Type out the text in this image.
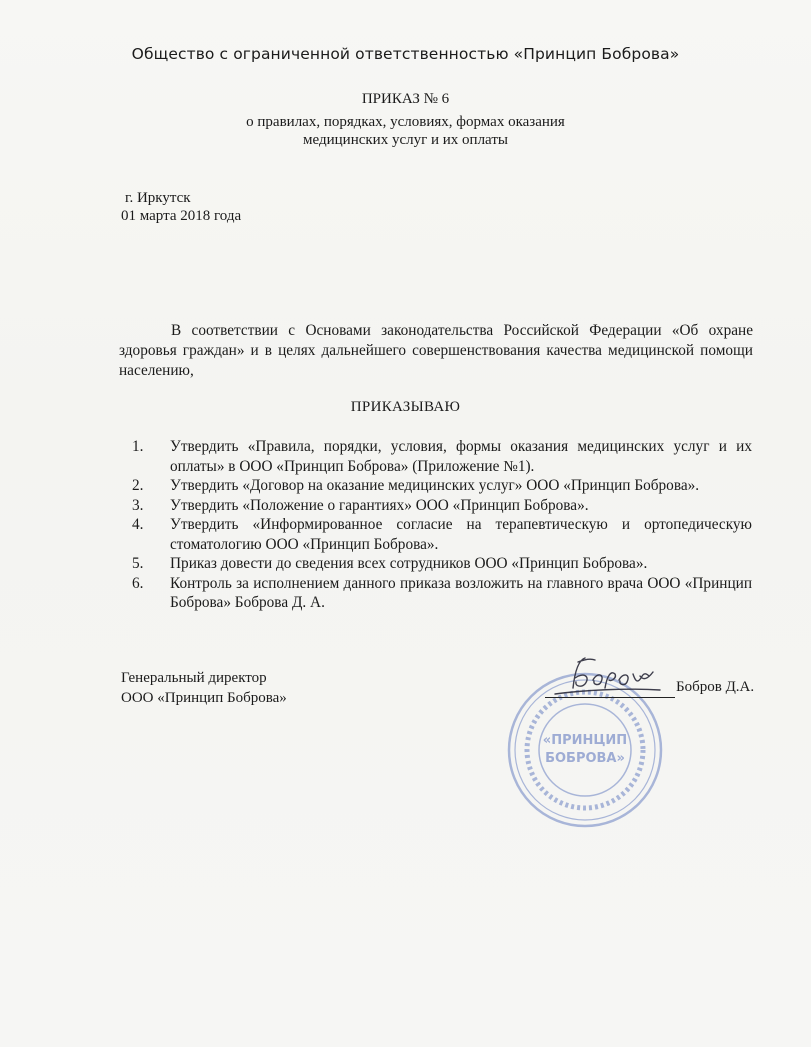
Общество с ограниченной ответственностью «Принцип Боброва»
ПРИКАЗ № 6
о правилах, порядках, условиях, формах оказания
медицинских услуг и их оплаты
г. Иркутск
01 марта 2018 года
В соответствии с Основами законодательства Российской Федерации «Об охране здоровья граждан» и в целях дальнейшего совершенствования качества медицинской помощи населению,
ПРИКАЗЫВАЮ
1. Утвердить «Правила, порядки, условия, формы оказания медицинских услуг и их оплаты» в ООО «Принцип Боброва» (Приложение №1).
2. Утвердить «Договор на оказание медицинских услуг» ООО «Принцип Боброва».
3. Утвердить «Положение о гарантиях» ООО «Принцип Боброва».
4. Утвердить «Информированное согласие на терапевтическую и ортопедическую стоматологию ООО «Принцип Боброва».
5. Приказ довести до сведения всех сотрудников ООО «Принцип Боброва».
6. Контроль за исполнением данного приказа возложить на главного врача ООО «Принцип Боброва» Боброва Д. А.
Генеральный директор
ООО «Принцип Боброва»
«ПРИНЦИП
БОБРОВА»
Бобров Д.А.
